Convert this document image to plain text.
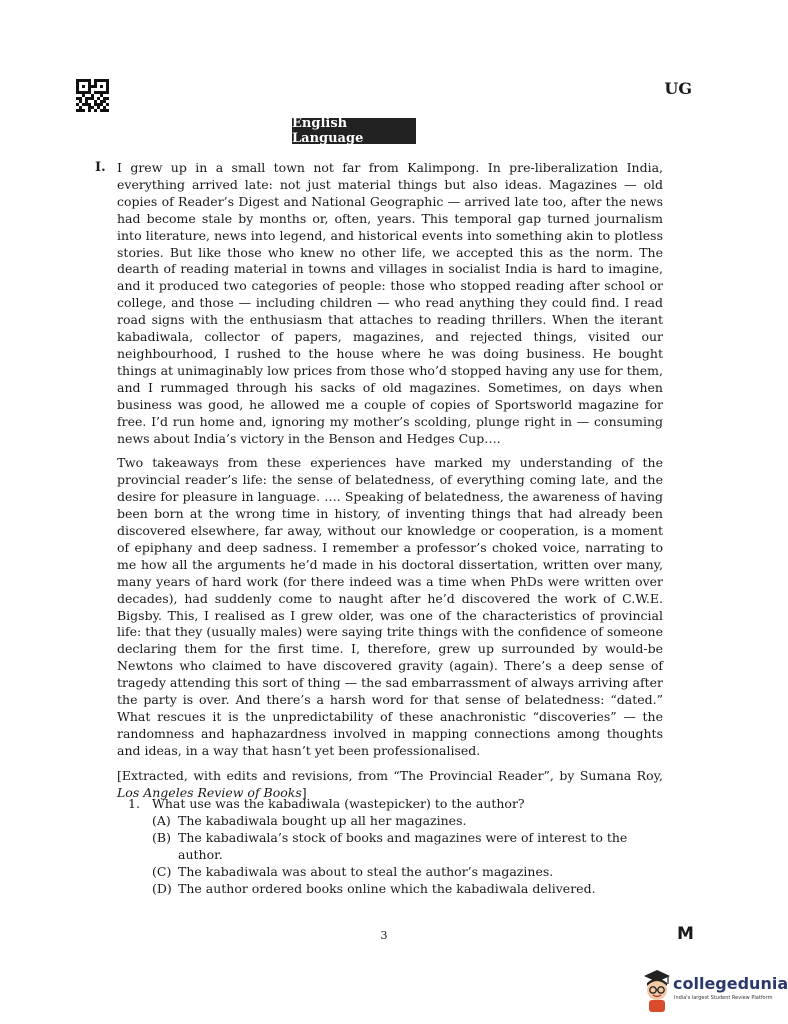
UG
English Language
I. I grew up in a small town not far from Kalimpong. In pre-liberalization India, everything arrived late: not just material things but also ideas. Magazines — old copies of Reader’s Digest and National Geographic — arrived late too, after the news had become stale by months or, often, years. This temporal gap turned journalism into literature, news into legend, and historical events into something akin to plotless stories. But like those who knew no other life, we accepted this as the norm. The dearth of reading material in towns and villages in socialist India is hard to imagine, and it produced two categories of people: those who stopped reading after school or college, and those — including children — who read anything they could find. I read road signs with the enthusiasm that attaches to reading thrillers. When the iterant kabadiwala, collector of papers, magazines, and rejected things, visited our neighbourhood, I rushed to the house where he was doing business. He bought things at unimaginably low prices from those who’d stopped having any use for them, and I rummaged through his sacks of old magazines. Sometimes, on days when business was good, he allowed me a couple of copies of Sportsworld magazine for free. I’d run home and, ignoring my mother’s scolding, plunge right in — consuming news about India’s victory in the Benson and Hedges Cup….

Two takeaways from these experiences have marked my understanding of the provincial reader’s life: the sense of belatedness, of everything coming late, and the desire for pleasure in language. …. Speaking of belatedness, the awareness of having been born at the wrong time in history, of inventing things that had already been discovered elsewhere, far away, without our knowledge or cooperation, is a moment of epiphany and deep sadness. I remember a professor’s choked voice, narrating to me how all the arguments he’d made in his doctoral dissertation, written over many, many years of hard work (for there indeed was a time when PhDs were written over decades), had suddenly come to naught after he’d discovered the work of C.W.E. Bigsby. This, I realised as I grew older, was one of the characteristics of provincial life: that they (usually males) were saying trite things with the confidence of someone declaring them for the first time. I, therefore, grew up surrounded by would-be Newtons who claimed to have discovered gravity (again). There’s a deep sense of tragedy attending this sort of thing — the sad embarrassment of always arriving after the party is over. And there’s a harsh word for that sense of belatedness: “dated.” What rescues it is the unpredictability of these anachronistic “discoveries” — the randomness and haphazardness involved in mapping connections among thoughts and ideas, in a way that hasn’t yet been professionalised.

[Extracted, with edits and revisions, from “The Provincial Reader”, by Sumana Roy, Los Angeles Review of Books]

1. What use was the kabadiwala (wastepicker) to the author?
(A) The kabadiwala bought up all her magazines.
(B) The kabadiwala’s stock of books and magazines were of interest to the author.
(C) The kabadiwala was about to steal the author’s magazines.
(D) The author ordered books online which the kabadiwala delivered.
3	M
collegedunia
India's largest Student Review Platform
